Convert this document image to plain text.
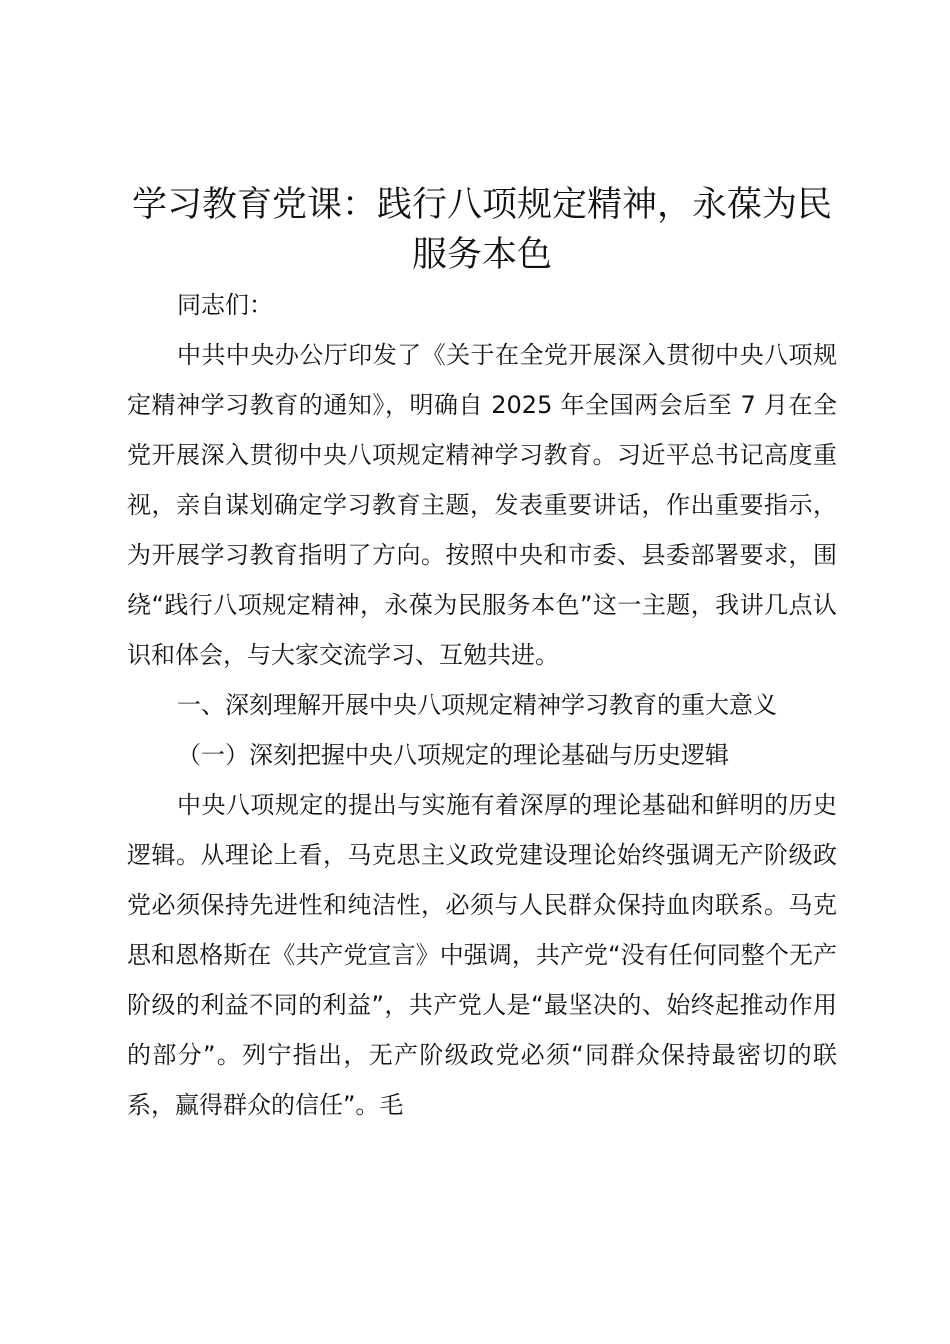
学习教育党课：践行八项规定精神，永葆为民服务本色

同志们：

中共中央办公厅印发了《关于在全党开展深入贯彻中央八项规定精神学习教育的通知》，明确自 2025 年全国两会后至 7 月在全党开展深入贯彻中央八项规定精神学习教育。习近平总书记高度重视，亲自谋划确定学习教育主题，发表重要讲话，作出重要指示，为开展学习教育指明了方向。按照中央和市委、县委部署要求，围绕“践行八项规定精神，永葆为民服务本色”这一主题，我讲几点认识和体会，与大家交流学习、互勉共进。

一、深刻理解开展中央八项规定精神学习教育的重大意义

（一）深刻把握中央八项规定的理论基础与历史逻辑

中央八项规定的提出与实施有着深厚的理论基础和鲜明的历史逻辑。从理论上看，马克思主义政党建设理论始终强调无产阶级政党必须保持先进性和纯洁性，必须与人民群众保持血肉联系。马克思和恩格斯在《共产党宣言》中强调，共产党“没有任何同整个无产阶级的利益不同的利益”，共产党人是“最坚决的、始终起推动作用的部分”。列宁指出，无产阶级政党必须“同群众保持最密切的联系，赢得群众的信任”。毛
